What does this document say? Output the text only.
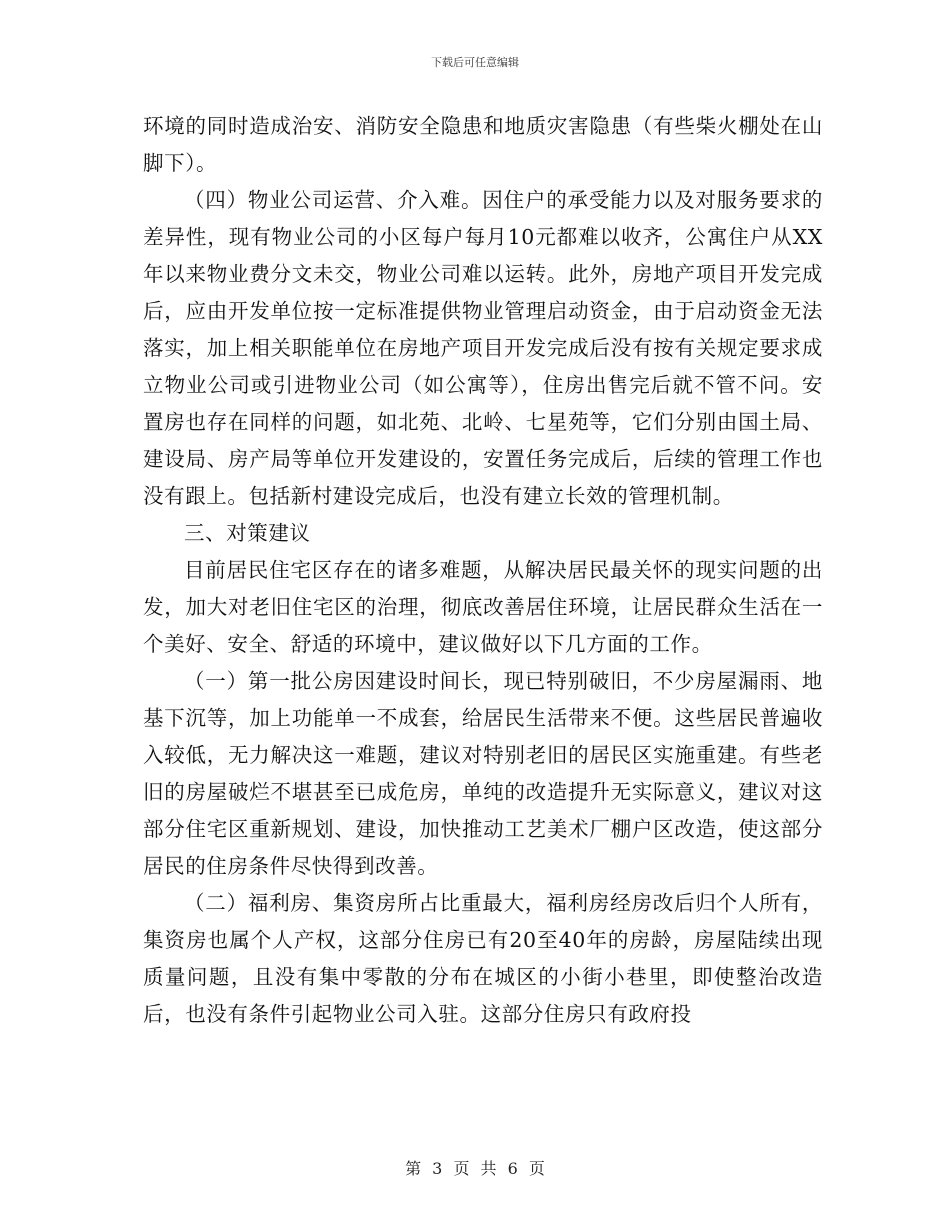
下载后可任意编辑

环境的同时造成治安、消防安全隐患和地质灾害隐患（有些柴火棚处在山脚下）。

（四）物业公司运营、介入难。因住户的承受能力以及对服务要求的差异性，现有物业公司的小区每户每月10元都难以收齐，公寓住户从XX年以来物业费分文未交，物业公司难以运转。此外，房地产项目开发完成后，应由开发单位按一定标准提供物业管理启动资金，由于启动资金无法落实，加上相关职能单位在房地产项目开发完成后没有按有关规定要求成立物业公司或引进物业公司（如公寓等），住房出售完后就不管不问。安置房也存在同样的问题，如北苑、北岭、七星苑等，它们分别由国土局、建设局、房产局等单位开发建设的，安置任务完成后，后续的管理工作也没有跟上。包括新村建设完成后，也没有建立长效的管理机制。

三、对策建议

目前居民住宅区存在的诸多难题，从解决居民最关怀的现实问题的出发，加大对老旧住宅区的治理，彻底改善居住环境，让居民群众生活在一个美好、安全、舒适的环境中，建议做好以下几方面的工作。

（一）第一批公房因建设时间长，现已特别破旧，不少房屋漏雨、地基下沉等，加上功能单一不成套，给居民生活带来不便。这些居民普遍收入较低，无力解决这一难题，建议对特别老旧的居民区实施重建。有些老旧的房屋破烂不堪甚至已成危房，单纯的改造提升无实际意义，建议对这部分住宅区重新规划、建设，加快推动工艺美术厂棚户区改造，使这部分居民的住房条件尽快得到改善。

（二）福利房、集资房所占比重最大，福利房经房改后归个人所有，集资房也属个人产权，这部分住房已有20至40年的房龄，房屋陆续出现质量问题，且没有集中零散的分布在城区的小街小巷里，即使整治改造后，也没有条件引起物业公司入驻。这部分住房只有政府投

第 3 页 共 6 页
